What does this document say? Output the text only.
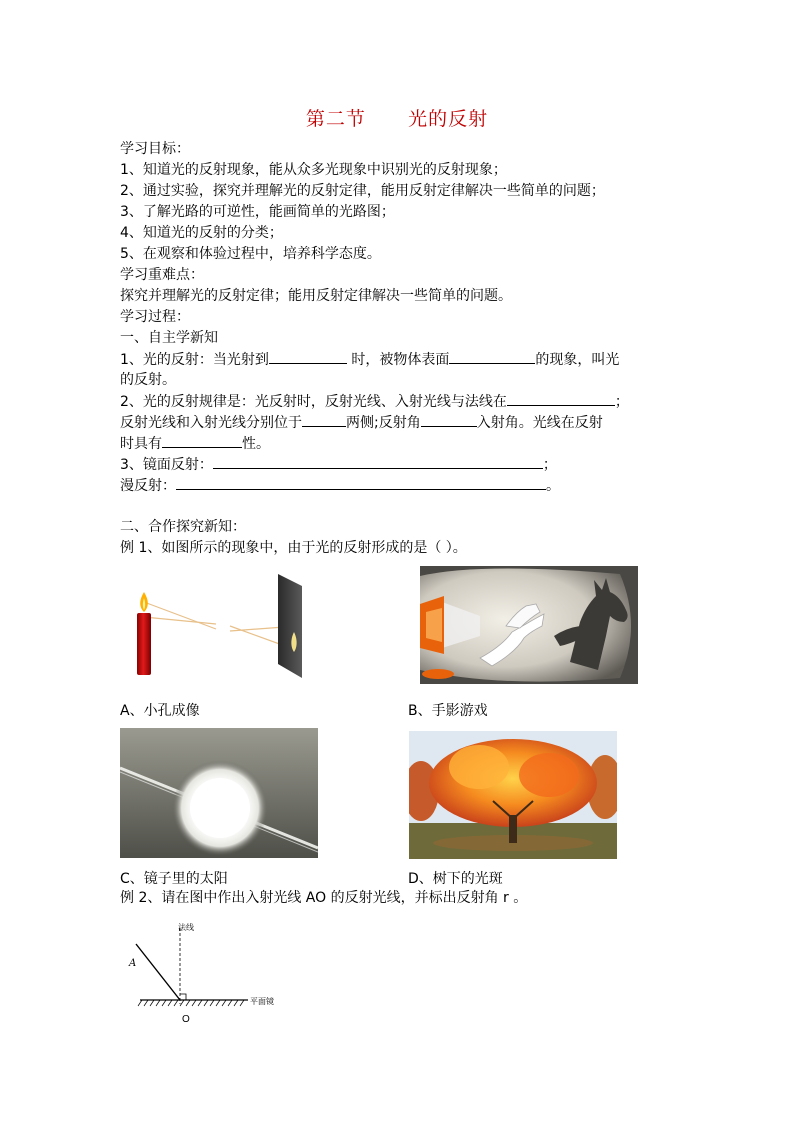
第二节      光的反射
学习目标：
1、知道光的反射现象，能从众多光现象中识别光的反射现象；
2、通过实验，探究并理解光的反射定律，能用反射定律解决一些简单的问题；
3、了解光路的可逆性，能画简单的光路图；
4、知道光的反射的分类；
5、在观察和体验过程中，培养科学态度。
学习重难点：
探究并理解光的反射定律；能用反射定律解决一些简单的问题。
学习过程：
一、自主学新知
1、光的反射：当光射到	时，被物体表面	的现象，叫光
的反射。
2、光的反射规律是：光反射时，反射光线、入射光线与法线在	；
反射光线和入射光线分别位于	两侧;反射角	入射角。光线在反射
时具有	性。
3、镜面反射：	；
漫反射：	。
二、合作探究新知：
例 1、如图所示的现象中，由于光的反射形成的是（ ）。
A、小孔成像	B、手影游戏
C、镜子里的太阳	D、树下的光斑
例 2、请在图中作出入射光线 AO 的反射光线，并标出反射角 r 。
法线
A
平面镜
O
